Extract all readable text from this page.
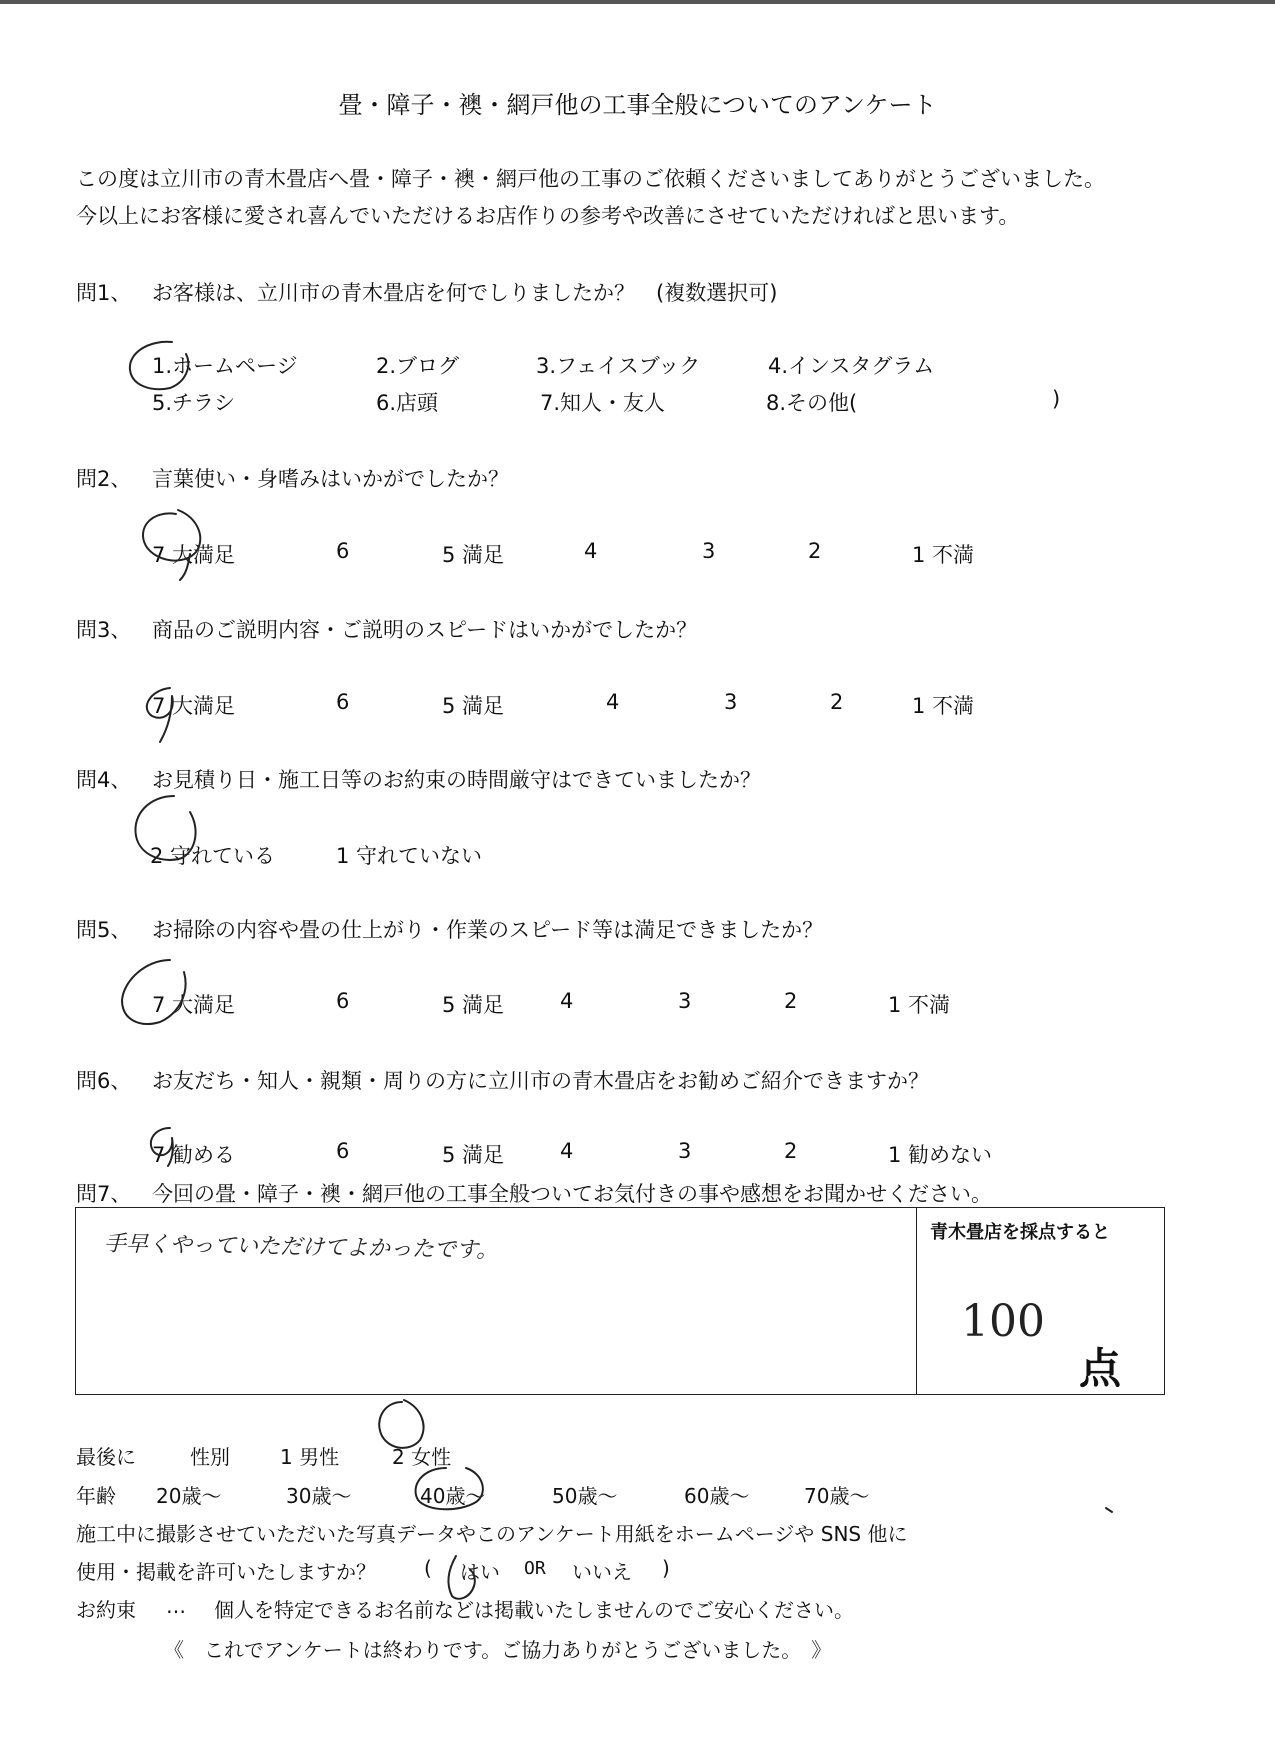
畳・障子・襖・網戸他の工事全般についてのアンケート
この度は立川市の青木畳店へ畳・障子・襖・網戸他の工事のご依頼くださいましてありがとうございました。
今以上にお客様に愛され喜んでいただけるお店作りの参考や改善にさせていただければと思います。
問1、 お客様は、立川市の青木畳店を何でしりましたか？　(複数選択可)
1.ホームページ	2.ブログ	3.フェイスブック	4.インスタグラム
5.チラシ	6.店頭	7.知人・友人	8.その他(	)
問2、 言葉使い・身嗜みはいかがでしたか？
7 大満足	6	5 満足	4	3	2	1 不満
問3、 商品のご説明内容・ご説明のスピードはいかがでしたか？
7 大満足	6	5 満足	4	3	2	1 不満
問4、 お見積り日・施工日等のお約束の時間厳守はできていましたか？
2 守れている	1 守れていない
問5、 お掃除の内容や畳の仕上がり・作業のスピード等は満足できましたか？
7 大満足	6	5 満足	4	3	2	1 不満
問6、 お友だち・知人・親類・周りの方に立川市の青木畳店をお勧めご紹介できますか？
7 勧める	6	5 満足	4	3	2	1 勧めない
問7、 今回の畳・障子・襖・網戸他の工事全般ついてお気付きの事や感想をお聞かせください。
手早くやっていただけてよかったです。	青木畳店を採点すると
100
点
最後に	性別	1 男性	2 女性
年齢 20歳～	30歳～	40歳～	50歳～	60歳～	70歳～
施工中に撮影させていただいた写真データやこのアンケート用紙をホームページや SNS 他に
使用・掲載を許可いたしますか？ ( はい OR いいえ )
お約束 … 個人を特定できるお名前などは掲載いたしませんのでご安心ください。
《　これでアンケートは終わりです。ご協力ありがとうございました。　》
